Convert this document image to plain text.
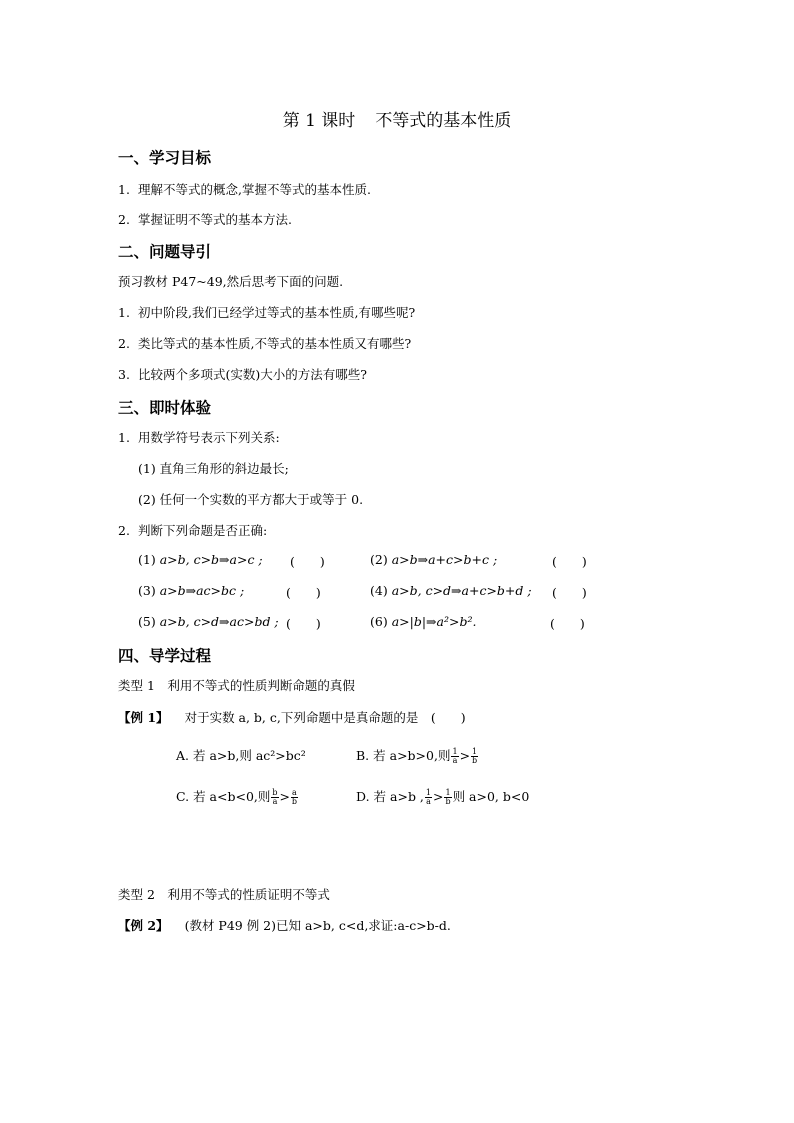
第 1 课时 不等式的基本性质
一、学习目标
1. 理解不等式的概念,掌握不等式的基本性质.
2. 掌握证明不等式的基本方法.
二、问题导引
预习教材 P47~49,然后思考下面的问题.
1. 初中阶段,我们已经学过等式的基本性质,有哪些呢?
2. 类比等式的基本性质,不等式的基本性质又有哪些?
3. 比较两个多项式(实数)大小的方法有哪些?
三、即时体验
1. 用数学符号表示下列关系:
(1) 直角三角形的斜边最长;
(2) 任何一个实数的平方都大于或等于 0.
2. 判断下列命题是否正确:
(1) a>b, c>b⇒a>c ; (　　)	(2) a>b⇒a+c>b+c ;	(　　)
(3) a>b⇒ac>bc ;	(　　)	(4) a>b, c>d⇒a+c>b+d ; (　　)
(5) a>b, c>d⇒ac>bd ; (　　)	(6) a>|b|⇒a²>b².	(　　)
四、导学过程
类型 1　利用不等式的性质判断命题的真假
【例 1】 对于实数 a, b, c,下列命题中是真命题的是　(　　)
A. 若 a>b,则 ac²>bc²	B. 若 a>b>0,则 $\frac{1}{a} > \frac{1}{b}$
C. 若 a<b<0,则 $\frac{b}{a} > \frac{a}{b}$	D. 若 a>b , $\frac{1}{a} > \frac{1}{b}$ 则 a>0, b<0
类型 2　利用不等式的性质证明不等式
【例 2】 (教材 P49 例 2)已知 a>b, c<d,求证:a-c>b-d.
